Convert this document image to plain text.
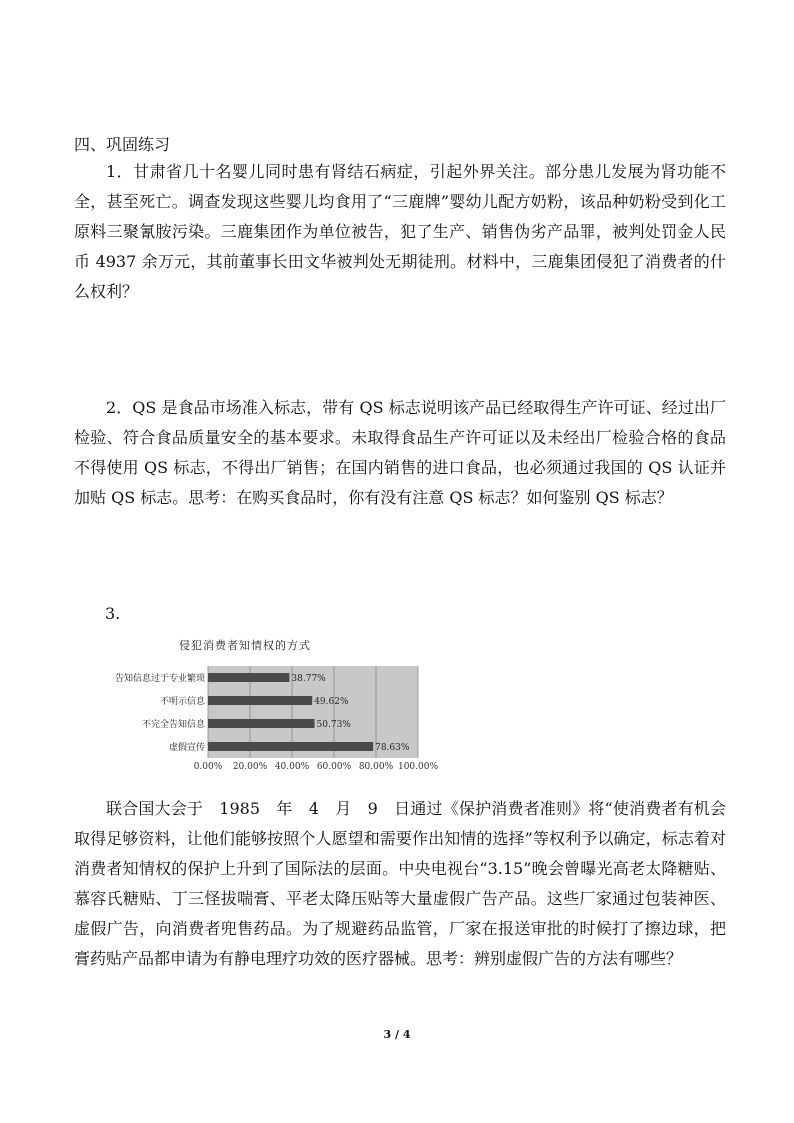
四、巩固练习
1．甘肃省几十名婴儿同时患有肾结石病症，引起外界关注。部分患儿发展为肾功能不全，甚至死亡。调查发现这些婴儿均食用了“三鹿牌”婴幼儿配方奶粉，该品种奶粉受到化工原料三聚氰胺污染。三鹿集团作为单位被告，犯了生产、销售伪劣产品罪，被判处罚金人民币 4937 余万元，其前董事长田文华被判处无期徒刑。材料中，三鹿集团侵犯了消费者的什么权利？
2．QS 是食品市场准入标志，带有 QS 标志说明该产品已经取得生产许可证、经过出厂检验、符合食品质量安全的基本要求。未取得食品生产许可证以及未经出厂检验合格的食品不得使用 QS 标志，不得出厂销售；在国内销售的进口食品，也必须通过我国的 QS 认证并加贴 QS 标志。思考：在购买食品时，你有没有注意 QS 标志？如何鉴别 QS 标志？
3.
侵犯消费者知情权的方式
0.00% 20.00% 40.00% 60.00% 80.00% 100.00%
38.77%
告知信息过于专业繁琐
49.62%
不明示信息
50.73%
不完全告知信息
78.63%
虚假宣传
联合国大会于　1985　年　4　月　9　日通过《保护消费者准则》将“使消费者有机会取得足够资料，让他们能够按照个人愿望和需要作出知情的选择”等权利予以确定，标志着对消费者知情权的保护上升到了国际法的层面。中央电视台“3.15”晚会曾曝光高老太降糖贴、慕容氏糖贴、丁三怪拔喘膏、平老太降压贴等大量虚假广告产品。这些厂家通过包装神医、虚假广告，向消费者兜售药品。为了规避药品监管，厂家在报送审批的时候打了擦边球，把膏药贴产品都申请为有静电理疗功效的医疗器械。思考：辨别虚假广告的方法有哪些？
3 / 4
